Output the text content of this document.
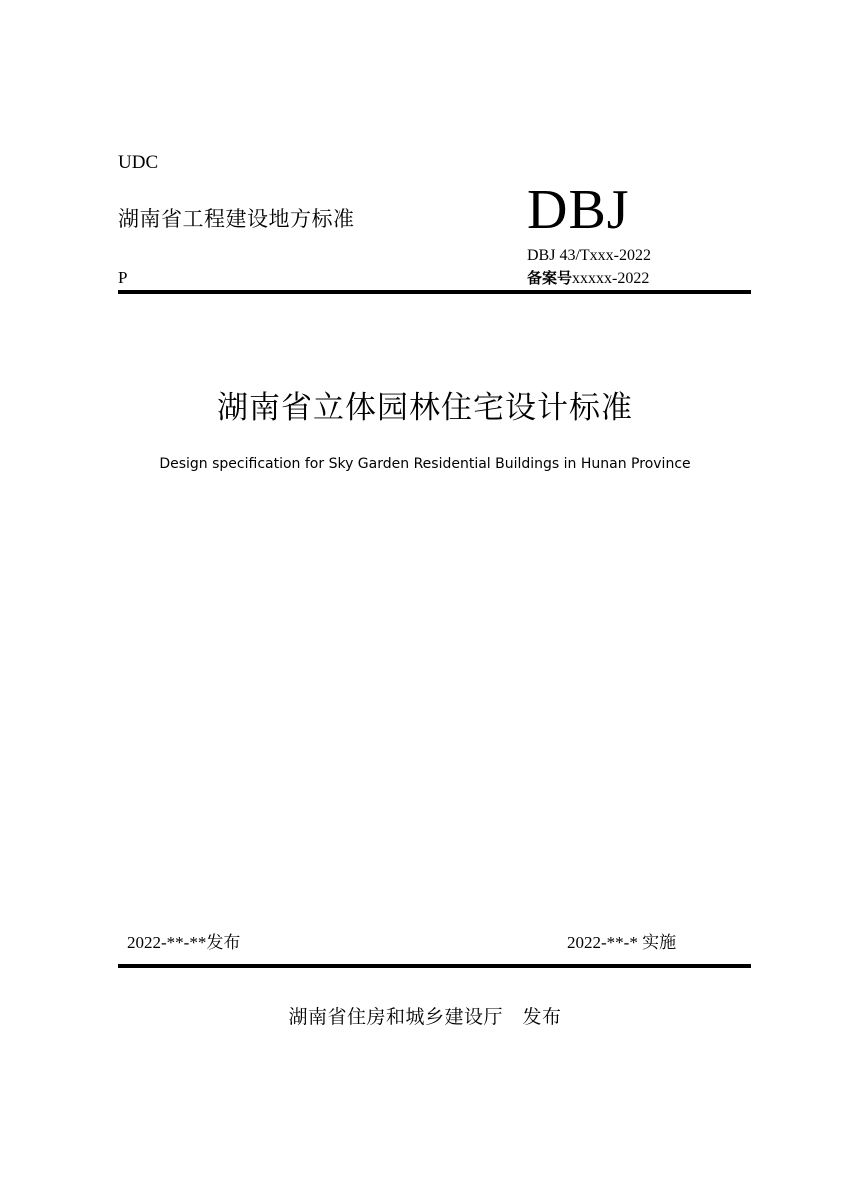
UDC
湖南省工程建设地方标准	DBJ
DBJ 43/Txxx-2022
备案号xxxxx-2022
P
湖南省立体园林住宅设计标准
Design specification for Sky Garden Residential Buildings in Hunan Province
2022-**-**发布	2022-**-* 实施
湖南省住房和城乡建设厅　发布
